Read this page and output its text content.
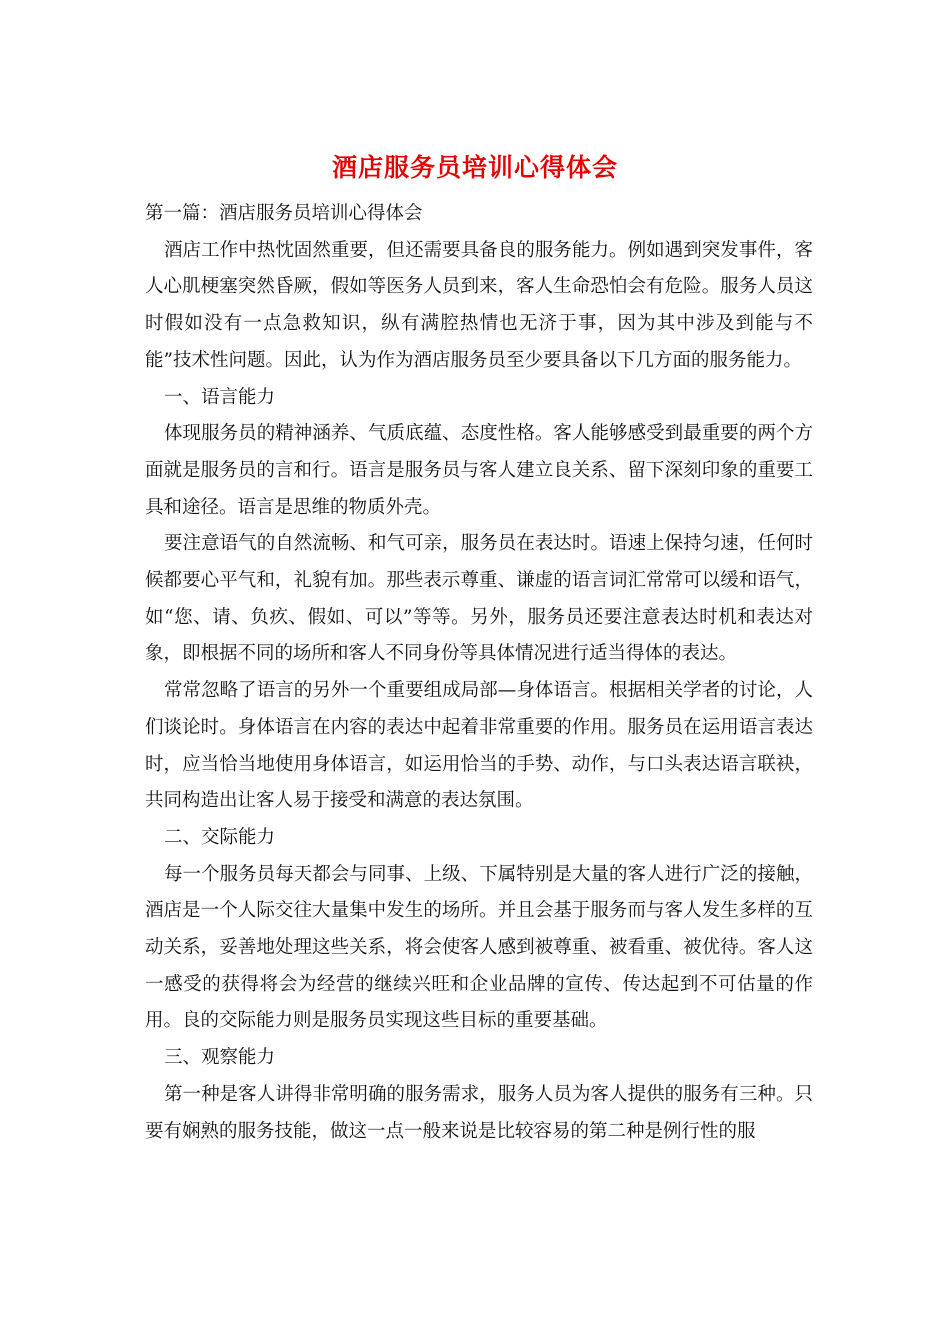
酒店服务员培训心得体会

第一篇：酒店服务员培训心得体会

酒店工作中热忱固然重要，但还需要具备良的服务能力。例如遇到突发事件，客人心肌梗塞突然昏厥，假如等医务人员到来，客人生命恐怕会有危险。服务人员这时假如没有一点急救知识，纵有满腔热情也无济于事，因为其中涉及到能与不能”技术性问题。因此，认为作为酒店服务员至少要具备以下几方面的服务能力。

一、语言能力

体现服务员的精神涵养、气质底蕴、态度性格。客人能够感受到最重要的两个方面就是服务员的言和行。语言是服务员与客人建立良关系、留下深刻印象的重要工具和途径。语言是思维的物质外壳。

要注意语气的自然流畅、和气可亲，服务员在表达时。语速上保持匀速，任何时候都要心平气和，礼貌有加。那些表示尊重、谦虚的语言词汇常常可以缓和语气，如“您、请、负疚、假如、可以”等等。另外，服务员还要注意表达时机和表达对象，即根据不同的场所和客人不同身份等具体情况进行适当得体的表达。

常常忽略了语言的另外一个重要组成局部—身体语言。根据相关学者的讨论，人们谈论时。身体语言在内容的表达中起着非常重要的作用。服务员在运用语言表达时，应当恰当地使用身体语言，如运用恰当的手势、动作，与口头表达语言联袂，共同构造出让客人易于接受和满意的表达氛围。

二、交际能力

每一个服务员每天都会与同事、上级、下属特别是大量的客人进行广泛的接触，酒店是一个人际交往大量集中发生的场所。并且会基于服务而与客人发生多样的互动关系，妥善地处理这些关系，将会使客人感到被尊重、被看重、被优待。客人这一感受的获得将会为经营的继续兴旺和企业品牌的宣传、传达起到不可估量的作用。良的交际能力则是服务员实现这些目标的重要基础。

三、观察能力

第一种是客人讲得非常明确的服务需求，服务人员为客人提供的服务有三种。只要有娴熟的服务技能，做这一点一般来说是比较容易的第二种是例行性的服
